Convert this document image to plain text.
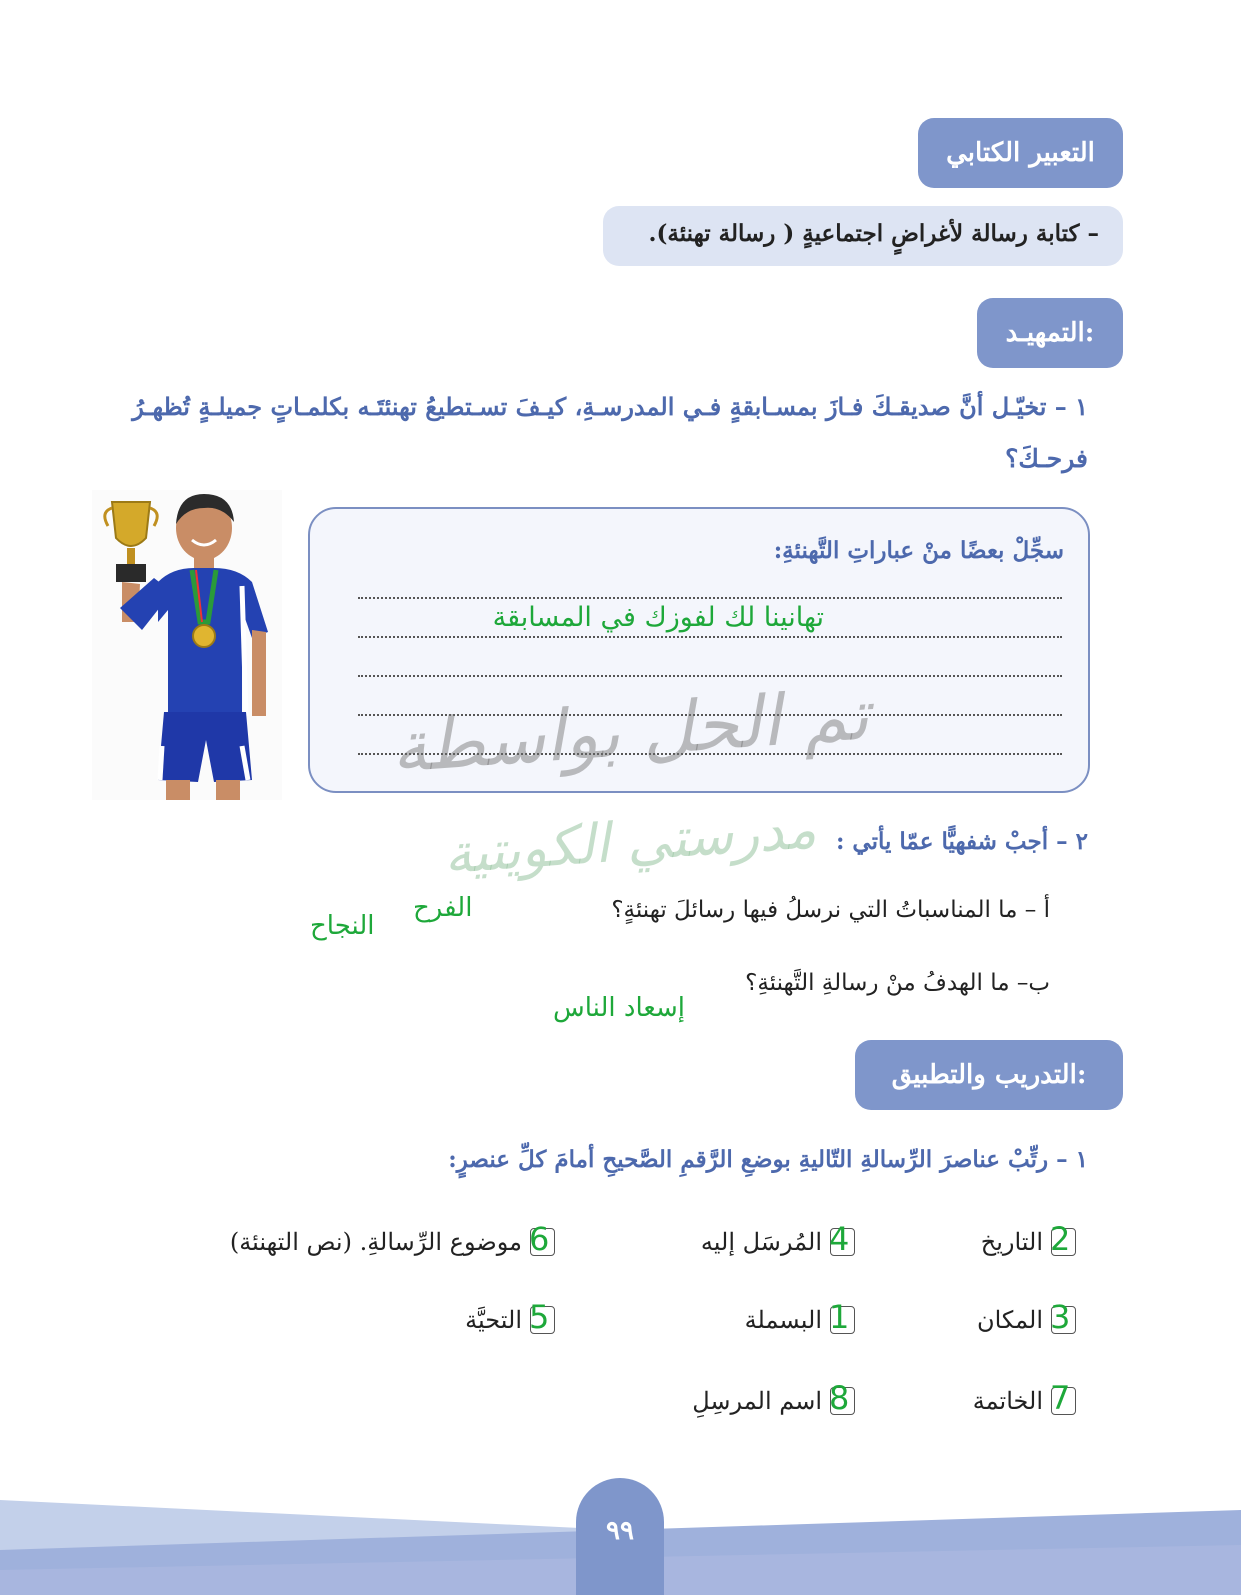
التعبير الكتابي
– كتابة رسالة لأغراضٍ اجتماعيةٍ ( رسالة تهنئة).
التمهيـد:
١ – تخيّـل أنَّ صديقـكَ فـازَ بمسـابقةٍ فـي المدرسـةِ، كيـفَ تسـتطيعُ تهنئتَـه بكلمـاتٍ جميلـةٍ تُظهـرُ
فرحـكَ؟
سجِّلْ بعضًا منْ عباراتِ التَّهنئةِ:
تهانينا لك لفوزك في المسابقة
تم الحل بواسطة
مدرستي الكويتية ٢ – أجبْ شفهيًّا عمّا يأتي :
أ – ما المناسباتُ التي نرسلُ فيها رسائلَ تهنئةٍ؟
الفرح
النجاح
ب– ما الهدفُ منْ رسالةِ التَّهنئةِ؟
إسعاد الناس
التدريب والتطبيق:
١ – رتِّبْ عناصرَ الرِّسالةِ التّاليةِ بوضعِ الرَّقمِ الصَّحيحِ أمامَ كلِّ عنصرٍ:
2
التاريخ
3
المكان
7
الخاتمة
4
المُرسَل إليه
1
البسملة
8
اسم المرسِلِ
6
موضوع الرِّسالةِ. (نص التهنئة)
5
التحيَّة
٩٩
